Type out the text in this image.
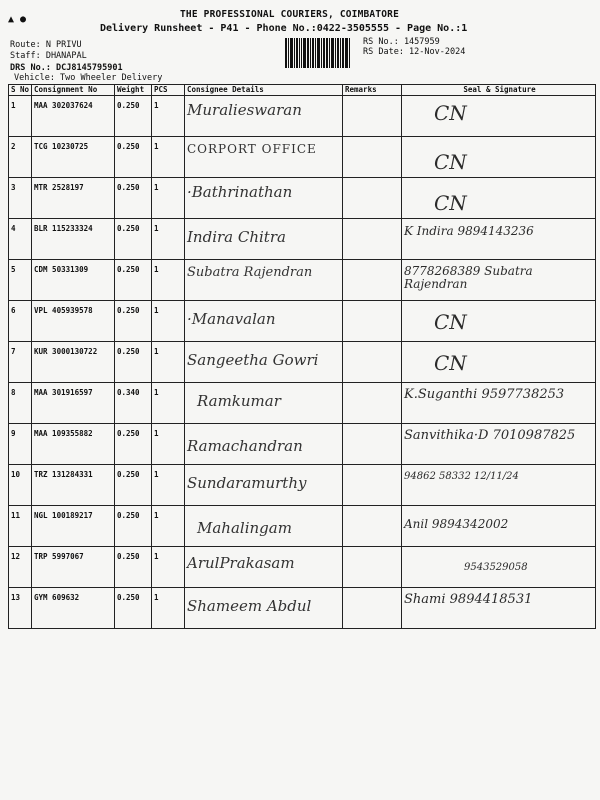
▲ ●	THE PROFESSIONAL COURIERS, COIMBATORE
Delivery Runsheet - P41 - Phone No.:0422-3505555 - Page No.:1
Route: N PRIVU
Staff: DHANAPAL
DRS No.: DCJ8145795901
Vehicle: Two Wheeler Delivery
RS No.: 1457959
RS Date: 12-Nov-2024
S No	Consignment No	Weight	PCS	Consignee Details	Remarks	Seal & Signature
1	MAA 302037624	0.250	1	Muralieswaran		CN

2	TCG 10230725	0.250	1	CORPORT OFFICE		CN

3	MTR 2528197	0.250	1	·Bathrinathan		CN

4	BLR 115233324	0.250	1	Indira Chitra		K Indira 9894143236

5	CDM 50331309	0.250	1	Subatra Rajendran		8778268389 Subatra Rajendran

6	VPL 405939578	0.250	1	·Manavalan		CN

7	KUR 3000130722	0.250	1	Sangeetha Gowri		CN

8	MAA 301916597	0.340	1	Ramkumar		K.Suganthi 9597738253

9	MAA 109355882	0.250	1	Ramachandran		Sanvithika·D 7010987825

10	TRZ 131284331	0.250	1	Sundaramurthy		94862 58332 12/11/24

11	NGL 100189217	0.250	1	Mahalingam		Anil 9894342002

12	TRP 5997067	0.250	1	ArulPrakasam		9543529058

13	GYM 609632	0.250	1	Shameem Abdul		Shami 9894418531
